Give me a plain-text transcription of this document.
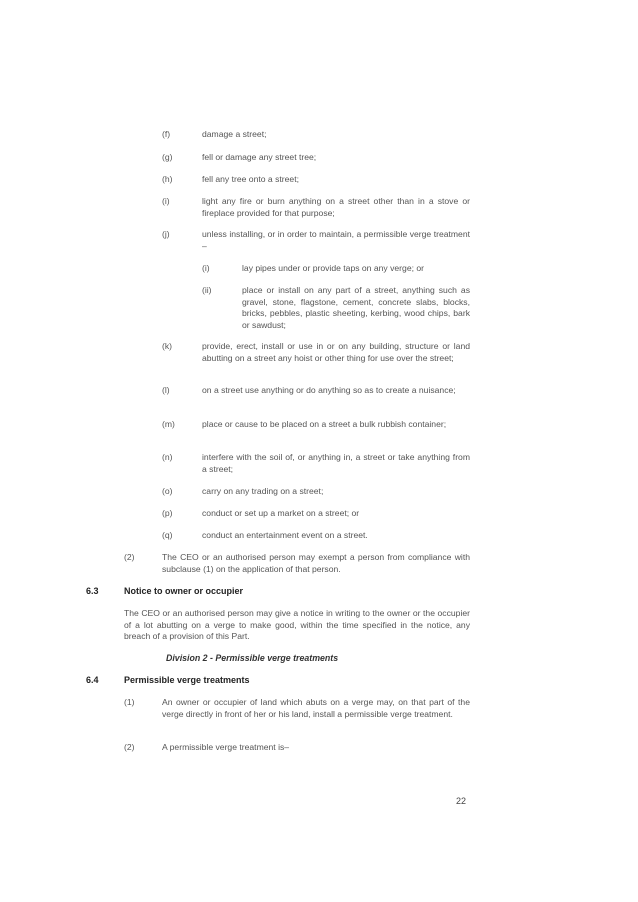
(f)	damage a street;
(g)	fell or damage any street tree;
(h)	fell any tree onto a street;
(i)	light any fire or burn anything on a street other than in a stove or fireplace provided for that purpose;
(j)	unless installing, or in order to maintain, a permissible verge treatment –
(i)	lay pipes under or provide taps on any verge; or
(ii)	place or install on any part of a street, anything such as gravel, stone, flagstone, cement, concrete slabs, blocks, bricks, pebbles, plastic sheeting, kerbing, wood chips, bark or sawdust;
(k)	provide, erect, install or use in or on any building, structure or land abutting on a street any hoist or other thing for use over the street;
(l)	on a street use anything or do anything so as to create a nuisance;
(m)	place or cause to be placed on a street a bulk rubbish container;
(n)	interfere with the soil of, or anything in, a street or take anything from a street;
(o)	carry on any trading on a street;
(p)	conduct or set up a market on a street; or
(q)	conduct an entertainment event on a street.
(2)	The CEO or an authorised person may exempt a person from compliance with subclause (1) on the application of that person.
6.3	Notice to owner or occupier
The CEO or an authorised person may give a notice in writing to the owner or the occupier of a lot abutting on a verge to make good, within the time specified in the notice, any breach of a provision of this Part.
Division 2 - Permissible verge treatments
6.4	Permissible verge treatments
(1)	An owner or occupier of land which abuts on a verge may, on that part of the verge directly in front of her or his land, install a permissible verge treatment.
(2)	A permissible verge treatment is–
22
